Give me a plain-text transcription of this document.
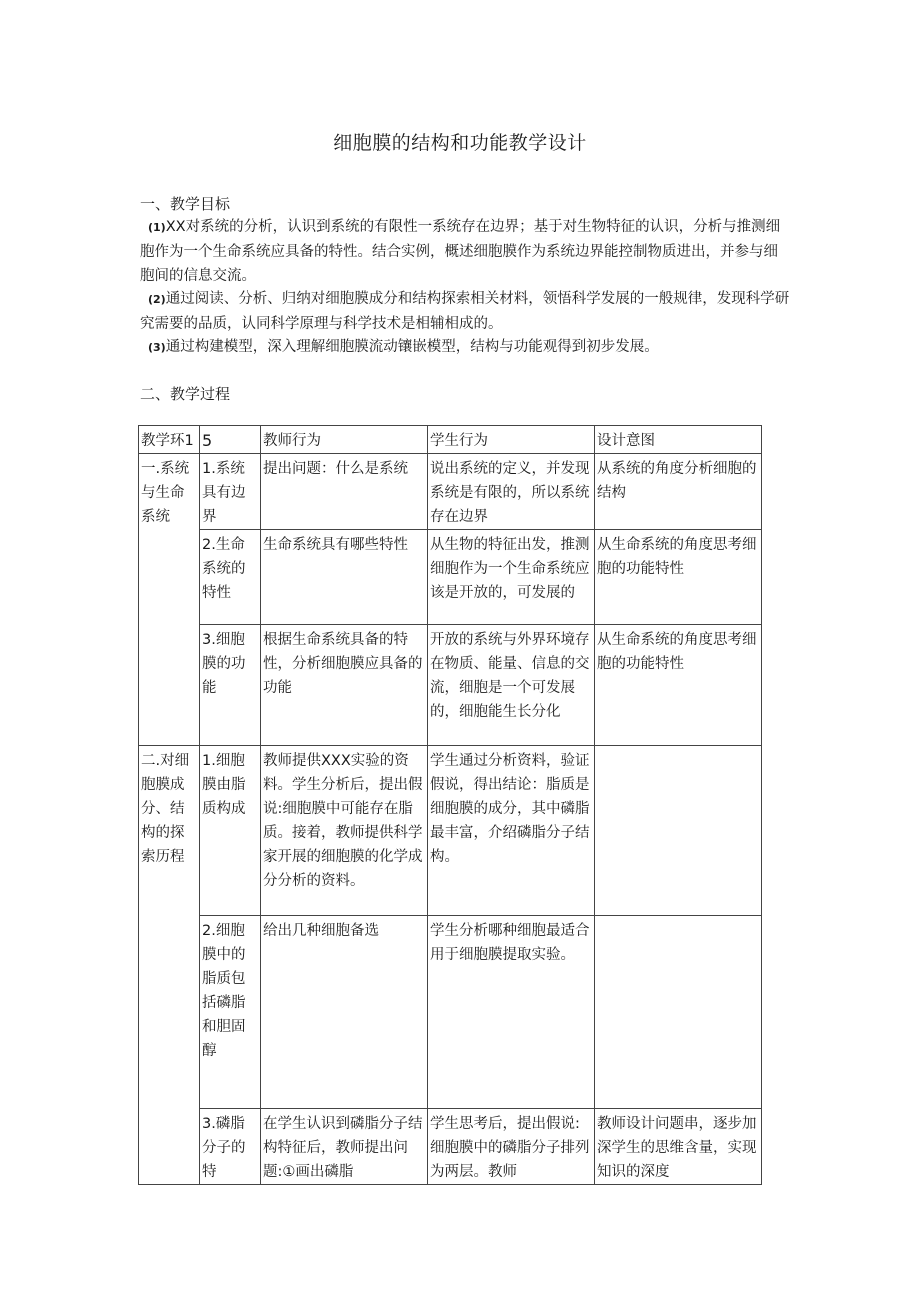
细胞膜的结构和功能教学设计
一、教学目标
(1)XX对系统的分析，认识到系统的有限性一系统存在边界；基于对生物特征的认识，分析与推测细胞作为一个生命系统应具备的特性。结合实例，概述细胞膜作为系统边界能控制物质进出，并参与细胞间的信息交流。
(2)通过阅读、分析、归纳对细胞膜成分和结构探索相关材料，领悟科学发展的一般规律，发现科学研究需要的品质，认同科学原理与科学技术是相辅相成的。
(3)通过构建模型，深入理解细胞膜流动镶嵌模型，结构与功能观得到初步发展。
二、教学过程
教学环1	5	教师行为	学生行为	设计意图
一.系统与生命系统	1.系统具有边界	提出问题：什么是系统	说出系统的定义，并发现系统是有限的，所以系统存在边界	从系统的角度分析细胞的结构
	2.生命系统的特性	生命系统具有哪些特性	从生物的特征出发，推测细胞作为一个生命系统应该是开放的，可发展的	从生命系统的角度思考细胞的功能特性
	3.细胞膜的功能	根据生命系统具备的特性，分析细胞膜应具备的功能	开放的系统与外界环境存在物质、能量、信息的交流，细胞是一个可发展的，细胞能生长分化	从生命系统的角度思考细胞的功能特性
二.对细胞膜成分、结构的探索历程	1.细胞膜由脂质构成	教师提供XXX实验的资料。学生分析后，提出假说:细胞膜中可能存在脂质。接着，教师提供科学家开展的细胞膜的化学成分分析的资料。	学生通过分析资料，验证假说，得出结论：脂质是细胞膜的成分，其中磷脂最丰富，介绍磷脂分子结构。	
	2.细胞膜中的脂质包括磷脂和胆固醇	给出几种细胞备选	学生分析哪种细胞最适合用于细胞膜提取实验。	
	3.磷脂分子的特	在学生认识到磷脂分子结构特征后，教师提出问题:①画出磷脂	学生思考后，提出假说:细胞膜中的磷脂分子排列为两层。教师	教师设计问题串，逐步加深学生的思维含量，实现知识的深度
